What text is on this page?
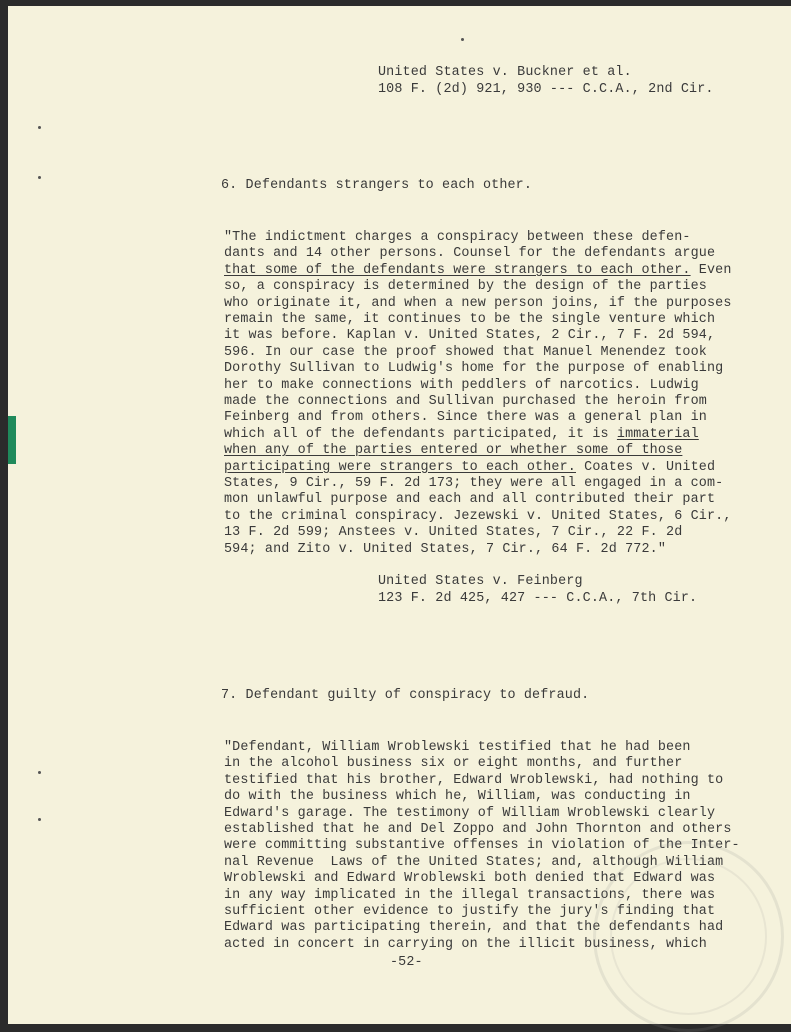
United States v. Buckner et al.
108 F. (2d) 921, 930 --- C.C.A., 2nd Cir.
6. Defendants strangers to each other.
"The indictment charges a conspiracy between these defen-
dants and 14 other persons. Counsel for the defendants argue
that some of the defendants were strangers to each other. Even
so, a conspiracy is determined by the design of the parties
who originate it, and when a new person joins, if the purposes
remain the same, it continues to be the single venture which
it was before. Kaplan v. United States, 2 Cir., 7 F. 2d 594,
596. In our case the proof showed that Manuel Menendez took
Dorothy Sullivan to Ludwig's home for the purpose of enabling
her to make connections with peddlers of narcotics. Ludwig
made the connections and Sullivan purchased the heroin from
Feinberg and from others. Since there was a general plan in
which all of the defendants participated, it is immaterial
when any of the parties entered or whether some of those
participating were strangers to each other. Coates v. United
States, 9 Cir., 59 F. 2d 173; they were all engaged in a com-
mon unlawful purpose and each and all contributed their part
to the criminal conspiracy. Jezewski v. United States, 6 Cir.,
13 F. 2d 599; Anstees v. United States, 7 Cir., 22 F. 2d
594; and Zito v. United States, 7 Cir., 64 F. 2d 772."
United States v. Feinberg
123 F. 2d 425, 427 --- C.C.A., 7th Cir.
7. Defendant guilty of conspiracy to defraud.
"Defendant, William Wroblewski testified that he had been
in the alcohol business six or eight months, and further
testified that his brother, Edward Wroblewski, had nothing to
do with the business which he, William, was conducting in
Edward's garage. The testimony of William Wroblewski clearly
established that he and Del Zoppo and John Thornton and others
were committing substantive offenses in violation of the Inter-
nal Revenue  Laws of the United States; and, although William
Wroblewski and Edward Wroblewski both denied that Edward was
in any way implicated in the illegal transactions, there was
sufficient other evidence to justify the jury's finding that
Edward was participating therein, and that the defendants had
acted in concert in carrying on the illicit business, which
-52-
